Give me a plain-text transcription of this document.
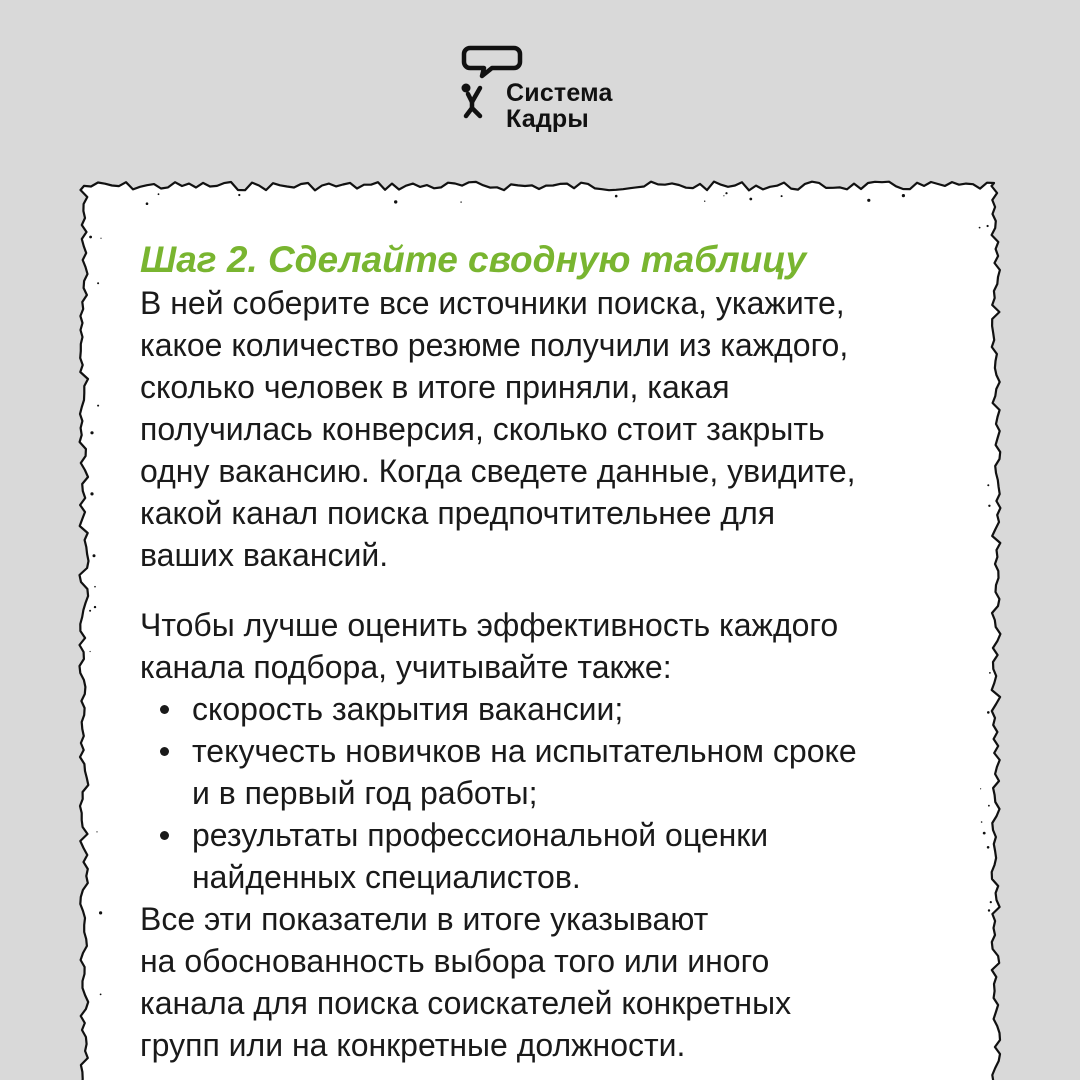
Система
Кадры
Шаг 2. Сделайте сводную таблицу

В ней соберите все источники поиска, укажите,
какое количество резюме получили из каждого,
сколько человек в итоге приняли, какая
получилась конверсия, сколько стоит закрыть
одну вакансию. Когда сведете данные, увидите,
какой канал поиска предпочтительнее для
ваших вакансий.

Чтобы лучше оценить эффективность каждого
канала подбора, учитывайте также:

скорость закрытия вакансии;
текучесть новичков на испытательном сроке
и в первый год работы;
результаты профессиональной оценки
найденных специалистов.

Все эти показатели в итоге указывают
на обоснованность выбора того или иного
канала для поиска соискателей конкретных
групп или на конкретные должности.
